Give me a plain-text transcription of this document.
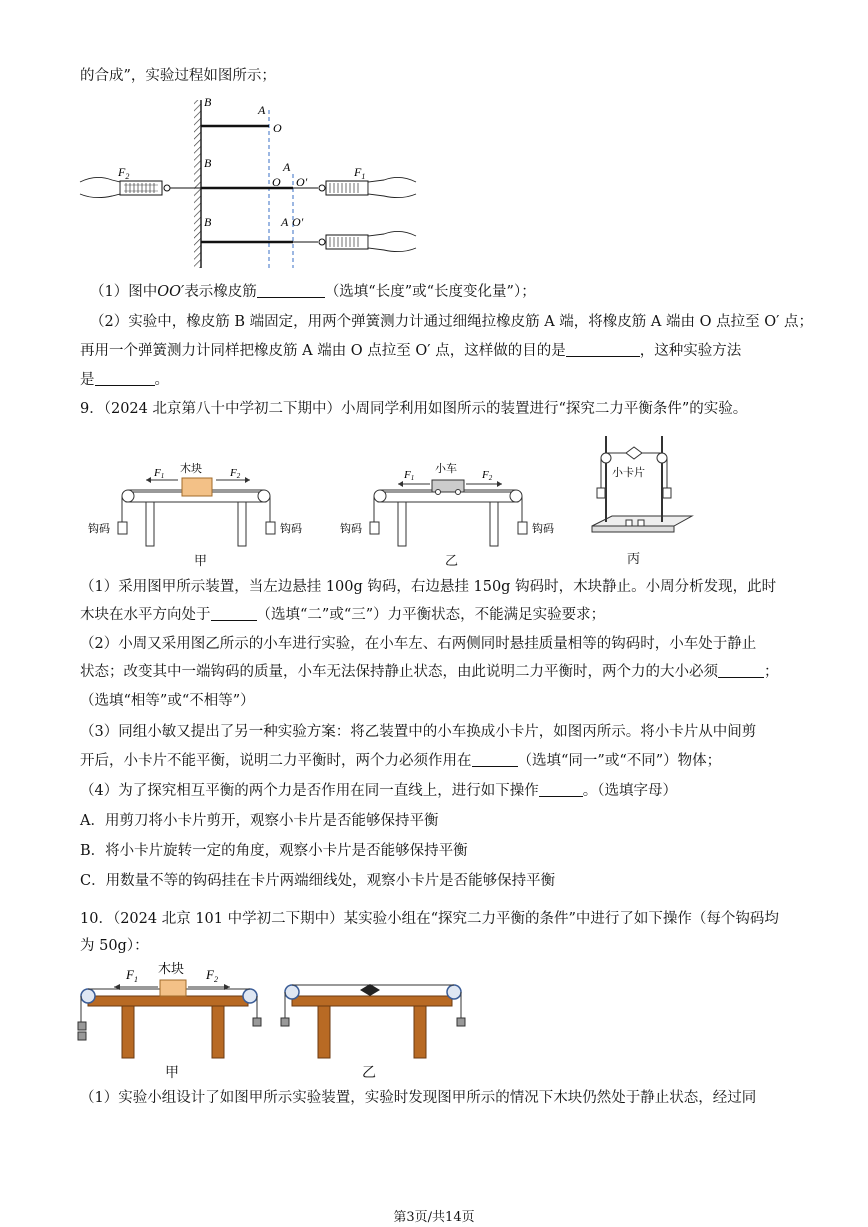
的合成”，实验过程如图所示；
B
A
O
B	A
O O′
$F_2$	$F_1$
B	A O′
（1）图中OO′表示橡皮筋	（选填“长度”或“长度变化量”）；
（2）实验中，橡皮筋 B 端固定，用两个弹簧测力计通过细绳拉橡皮筋 A 端，将橡皮筋 A 端由 O 点拉至 O′ 点；
再用一个弹簧测力计同样把橡皮筋 A 端由 O 点拉至 O′ 点，这样做的目的是	，这种实验方法
是	。
9．（2024 北京第八十中学初二下期中）小周同学利用如图所示的装置进行“探究二力平衡条件”的实验。
木块
F1	F2
钩码	钩码
甲
小车
F1	F2
钩码	钩码
乙
小卡片
丙
（1）采用图甲所示装置，当左边悬挂 100g 钩码，右边悬挂 150g 钩码时，木块静止。小周分析发现，此时
木块在水平方向处于	（选填“二”或“三”）力平衡状态，不能满足实验要求；
（2）小周又采用图乙所示的小车进行实验，在小车左、右两侧同时悬挂质量相等的钩码时，小车处于静止
状态；改变其中一端钩码的质量，小车无法保持静止状态，由此说明二力平衡时，两个力的大小必须	；
（选填“相等”或“不相等”）
（3）同组小敏又提出了另一种实验方案：将乙装置中的小车换成小卡片，如图丙所示。将小卡片从中间剪
开后，小卡片不能平衡，说明二力平衡时，两个力必须作用在	（选填“同一”或“不同”）物体；
（4）为了探究相互平衡的两个力是否作用在同一直线上，进行如下操作	。（选填字母）
A．用剪刀将小卡片剪开，观察小卡片是否能够保持平衡
B．将小卡片旋转一定的角度，观察小卡片是否能够保持平衡
C．用数量不等的钩码挂在卡片两端细线处，观察小卡片是否能够保持平衡
10．（2024 北京 101 中学初二下期中）某实验小组在“探究二力平衡的条件”中进行了如下操作（每个钩码均
为 50g）：
木块
$F_1$	$F_2$
甲	乙
（1）实验小组设计了如图甲所示实验装置，实验时发现图甲所示的情况下木块仍然处于静止状态，经过同
第3页/共14页
